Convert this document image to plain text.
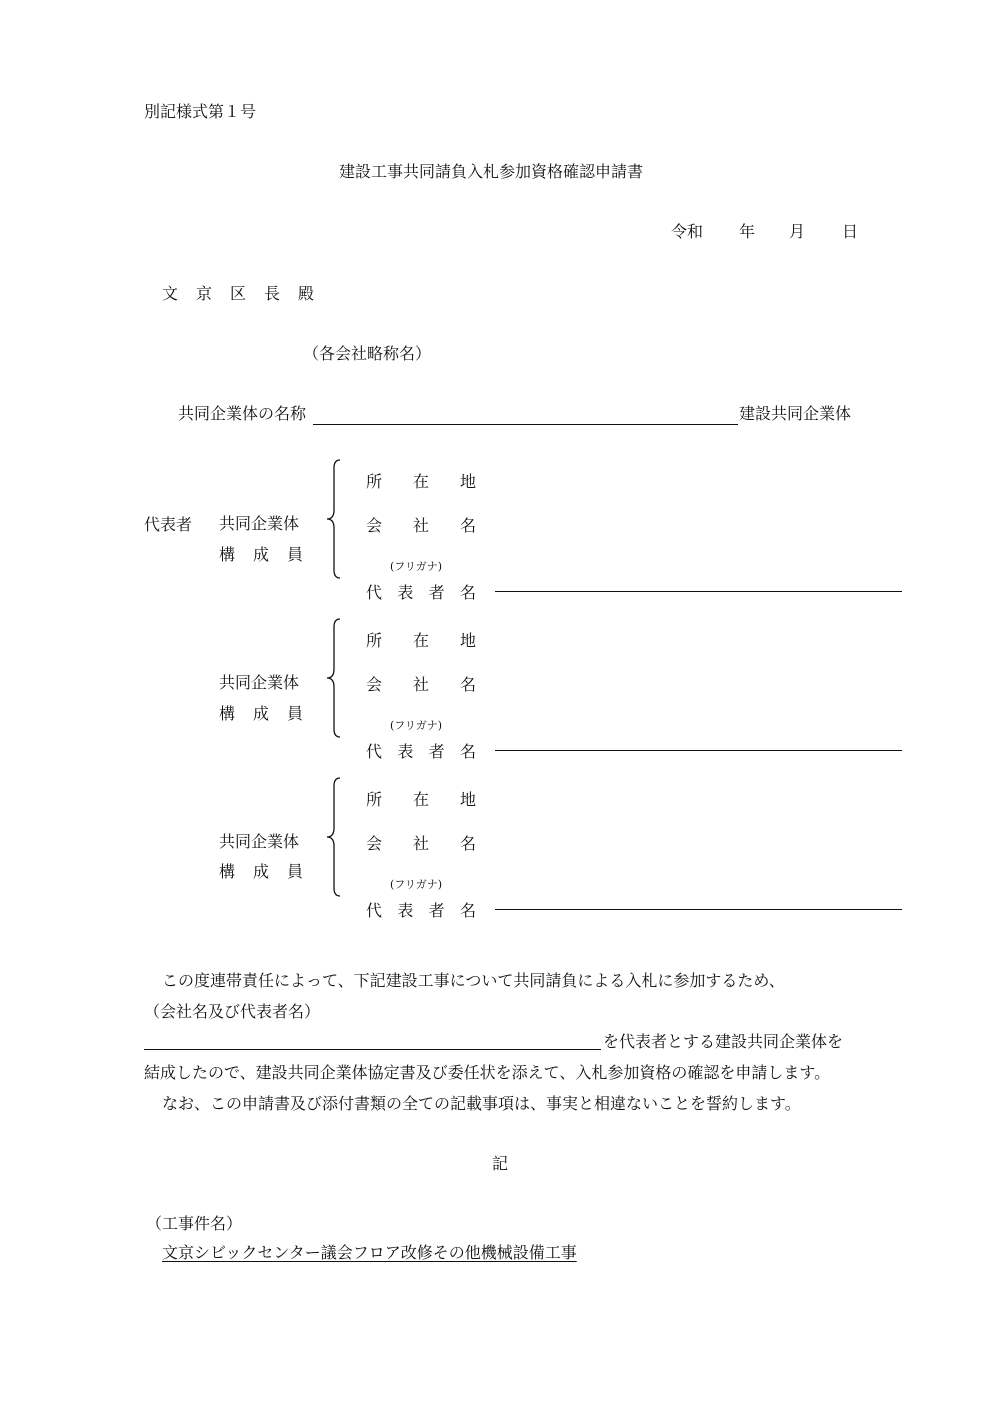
別記様式第１号
建設工事共同請負入札参加資格確認申請書
令和 年 月 日
文 京 区 長 殿
（各会社略称名）
共同企業体の名称	建設共同企業体
代表者 共同企業体
構 成 員
所 在 地
会 社 名
(フリガナ)
代 表 者 名
共同企業体
構 成 員
所 在 地
会 社 名
(フリガナ)
代 表 者 名
共同企業体
構 成 員
所 在 地
会 社 名
(フリガナ)
代 表 者 名
この度連帯責任によって、下記建設工事について共同請負による入札に参加するため、
（会社名及び代表者名）
を代表者とする建設共同企業体を
結成したので、建設共同企業体協定書及び委任状を添えて、入札参加資格の確認を申請します。
なお、この申請書及び添付書類の全ての記載事項は、事実と相違ないことを誓約します。
記
（工事件名）
文京シビックセンター議会フロア改修その他機械設備工事
